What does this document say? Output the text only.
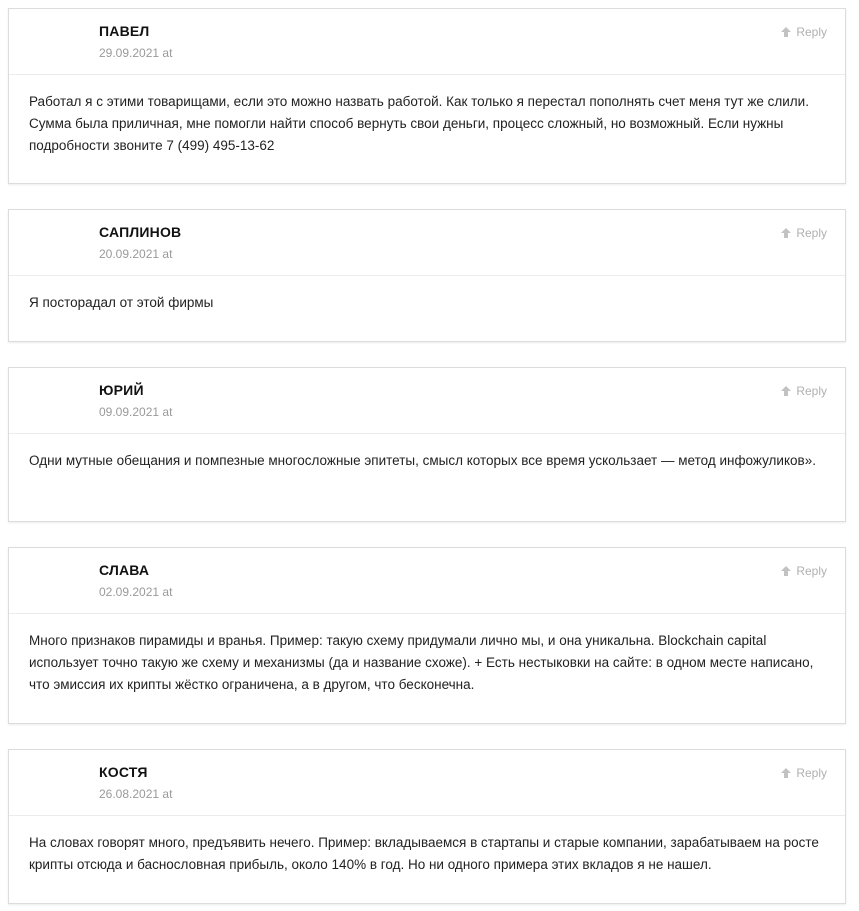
ПАВЕЛ
29.09.2021 at
Reply
Работал я с этими товарищами, если это можно назвать работой. Как только я перестал пополнять счет меня тут же слили. Сумма была приличная, мне помогли найти способ вернуть свои деньги, процесс сложный, но возможный. Если нужны подробности звоните 7 (499) 495-13-62
САПЛИНОВ
20.09.2021 at
Reply
Я посторадал от этой фирмы
ЮРИЙ
09.09.2021 at
Reply
Одни мутные обещания и помпезные многосложные эпитеты, смысл которых все время ускользает — метод инфожуликов».
СЛАВА
02.09.2021 at
Reply
Много признаков пирамиды и вранья. Пример: такую схему придумали лично мы, и она уникальна. Blockchain capital использует точно такую же схему и механизмы (да и название схоже). + Есть нестыковки на сайте: в одном месте написано, что эмиссия их крипты жёстко ограничена, а в другом, что бесконечна.
КОСТЯ
26.08.2021 at
Reply
На словах говорят много, предъявить нечего. Пример: вкладываемся в стартапы и старые компании, зарабатываем на росте крипты отсюда и баснословная прибыль, около 140% в год. Но ни одного примера этих вкладов я не нашел.
